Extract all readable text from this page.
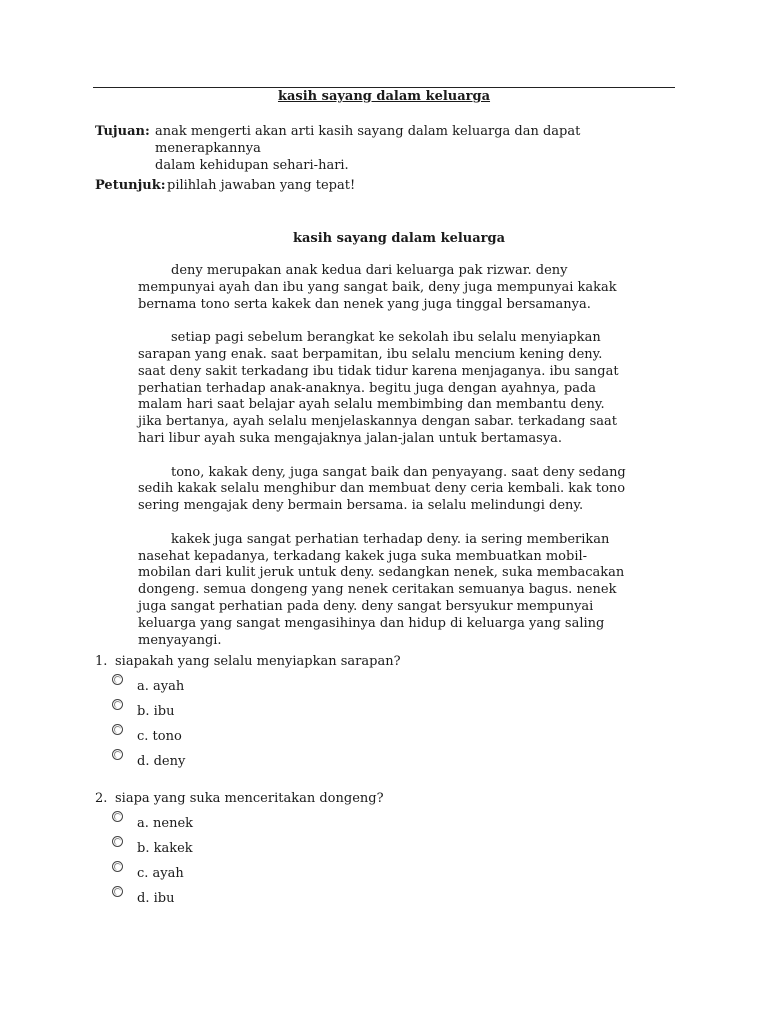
kasih sayang dalam keluarga
Tujuan: anak mengerti akan arti kasih sayang dalam keluarga dan dapat menerapkannya
dalam kehidupan sehari-hari.
Petunjuk:pilihlah jawaban yang tepat!
kasih sayang dalam keluarga

deny merupakan anak kedua dari keluarga pak rizwar. deny mempunyai ayah dan ibu yang sangat baik, deny juga mempunyai kakak bernama tono serta kakek dan nenek yang juga tinggal bersamanya.

setiap pagi sebelum berangkat ke sekolah ibu selalu menyiapkan sarapan yang enak. saat berpamitan, ibu selalu mencium kening deny. saat deny sakit terkadang ibu tidak tidur karena menjaganya. ibu sangat perhatian terhadap anak-anaknya. begitu juga dengan ayahnya, pada malam hari saat belajar ayah selalu membimbing dan membantu deny. jika bertanya, ayah selalu menjelaskannya dengan sabar. terkadang saat hari libur ayah suka mengajaknya jalan-jalan untuk bertamasya.

tono, kakak deny, juga sangat baik dan penyayang. saat deny sedang sedih kakak selalu menghibur dan membuat deny ceria kembali. kak tono sering mengajak deny bermain bersama. ia selalu melindungi deny.

kakek juga sangat perhatian terhadap deny. ia sering memberikan nasehat kepadanya, terkadang kakek juga suka membuatkan mobil-mobilan dari kulit jeruk untuk deny. sedangkan nenek, suka membacakan dongeng. semua dongeng yang nenek ceritakan semuanya bagus. nenek juga sangat perhatian pada deny. deny sangat bersyukur mempunyai keluarga yang sangat mengasihinya dan hidup di keluarga yang saling menyayangi.

1. siapakah yang selalu menyiapkan sarapan?
a. ayah
b. ibu
c. tono
d. deny
2. siapa yang suka menceritakan dongeng?
a. nenek
b. kakek
c. ayah
d. ibu
